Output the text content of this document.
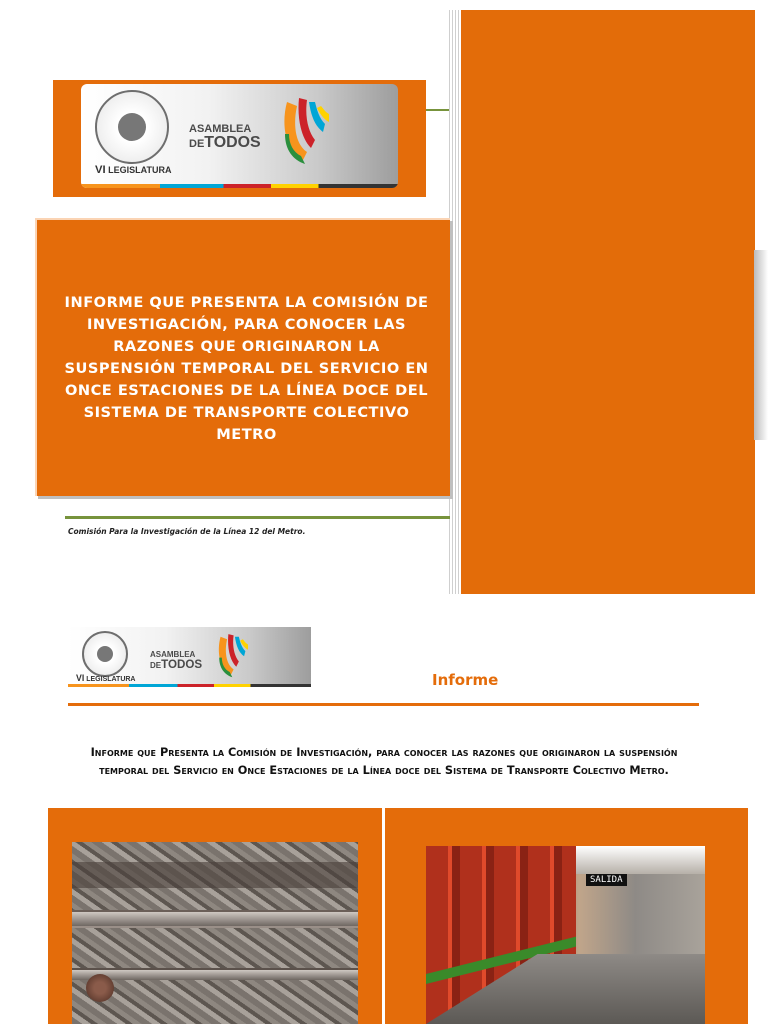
VI LEGISLATURA
ASAMBLEA
DETODOS
INFORME QUE PRESENTA LA COMISIÓN DE INVESTIGACIÓN, PARA CONOCER LAS RAZONES QUE ORIGINARON LA SUSPENSIÓN TEMPORAL DEL SERVICIO EN ONCE ESTACIONES DE LA LÍNEA DOCE DEL SISTEMA DE TRANSPORTE COLECTIVO METRO
Comisión Para la Investigación de la Línea 12 del Metro.
VI LEGISLATURA
ASAMBLEA
DETODOS
Informe
Informe que Presenta la Comisión de Investigación, para conocer las razones que originaron la suspensión temporal del Servicio en Once Estaciones de la Línea doce del Sistema de Transporte Colectivo Metro.
SALIDA
